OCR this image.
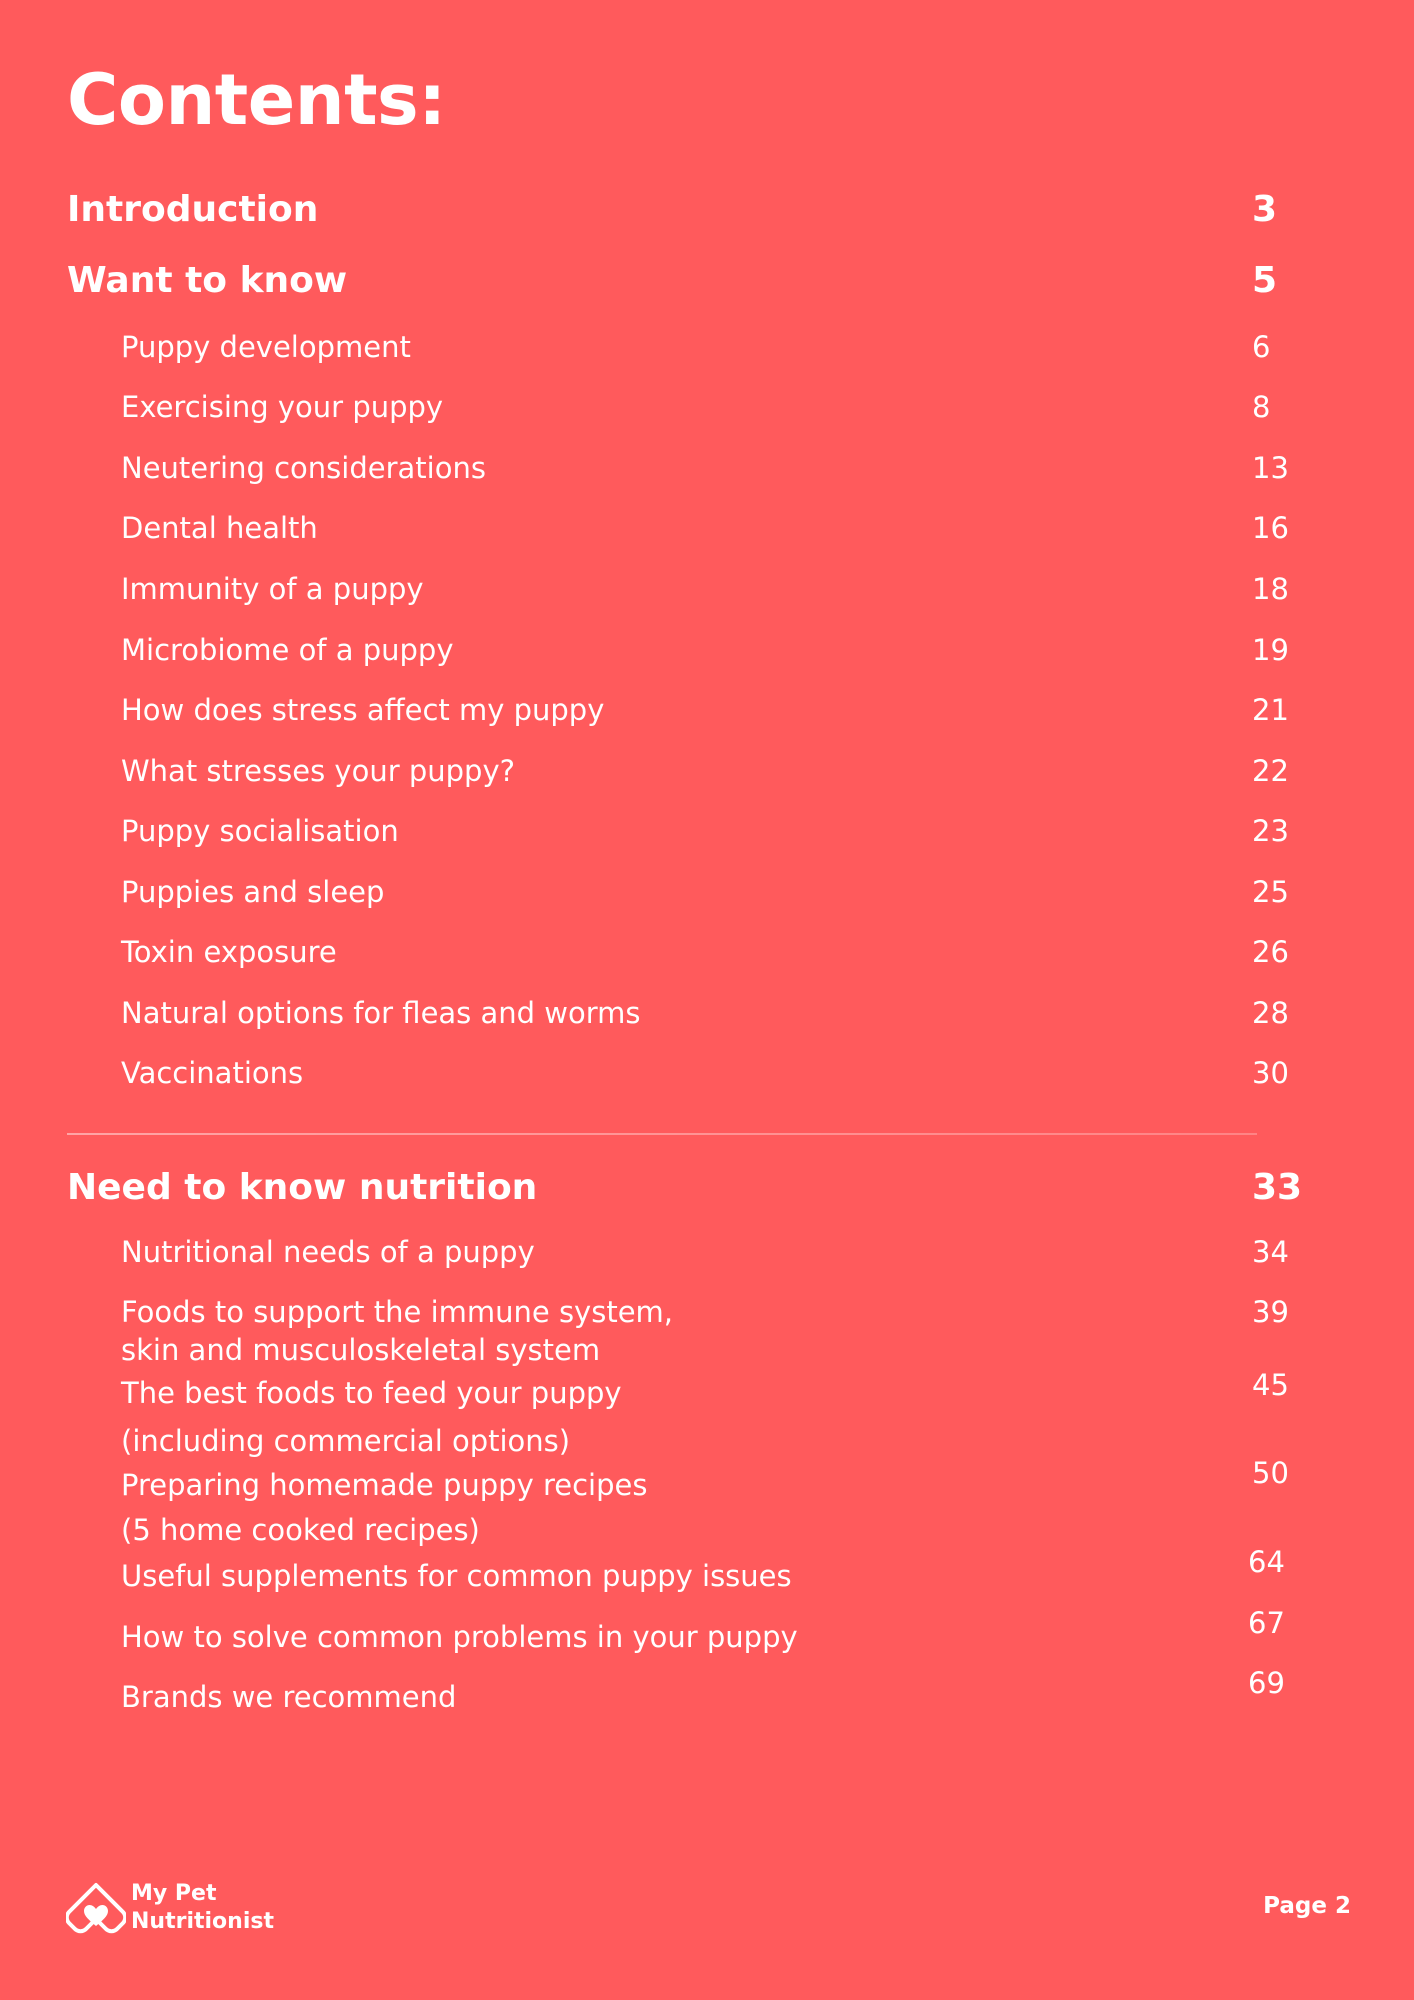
Contents:
Introduction	3
Want to know	5
Puppy development	6
Exercising your puppy	8
Neutering considerations	13
Dental health	16
Immunity of a puppy	18
Microbiome of a puppy	19
How does stress affect my puppy	21
What stresses your puppy?	22
Puppy socialisation	23
Puppies and sleep	25
Toxin exposure	26
Natural options for fleas and worms	28
Vaccinations	30
Need to know nutrition	33
Nutritional needs of a puppy	34
Foods to support the immune system,	39
skin and musculoskeletal system
The best foods to feed your puppy	45
(including commercial options)
Preparing homemade puppy recipes	50
(5 home cooked recipes)
Useful supplements for common puppy issues	64
How to solve common problems in your puppy	67
Brands we recommend	69
My Pet
Nutritionist
Page 2
